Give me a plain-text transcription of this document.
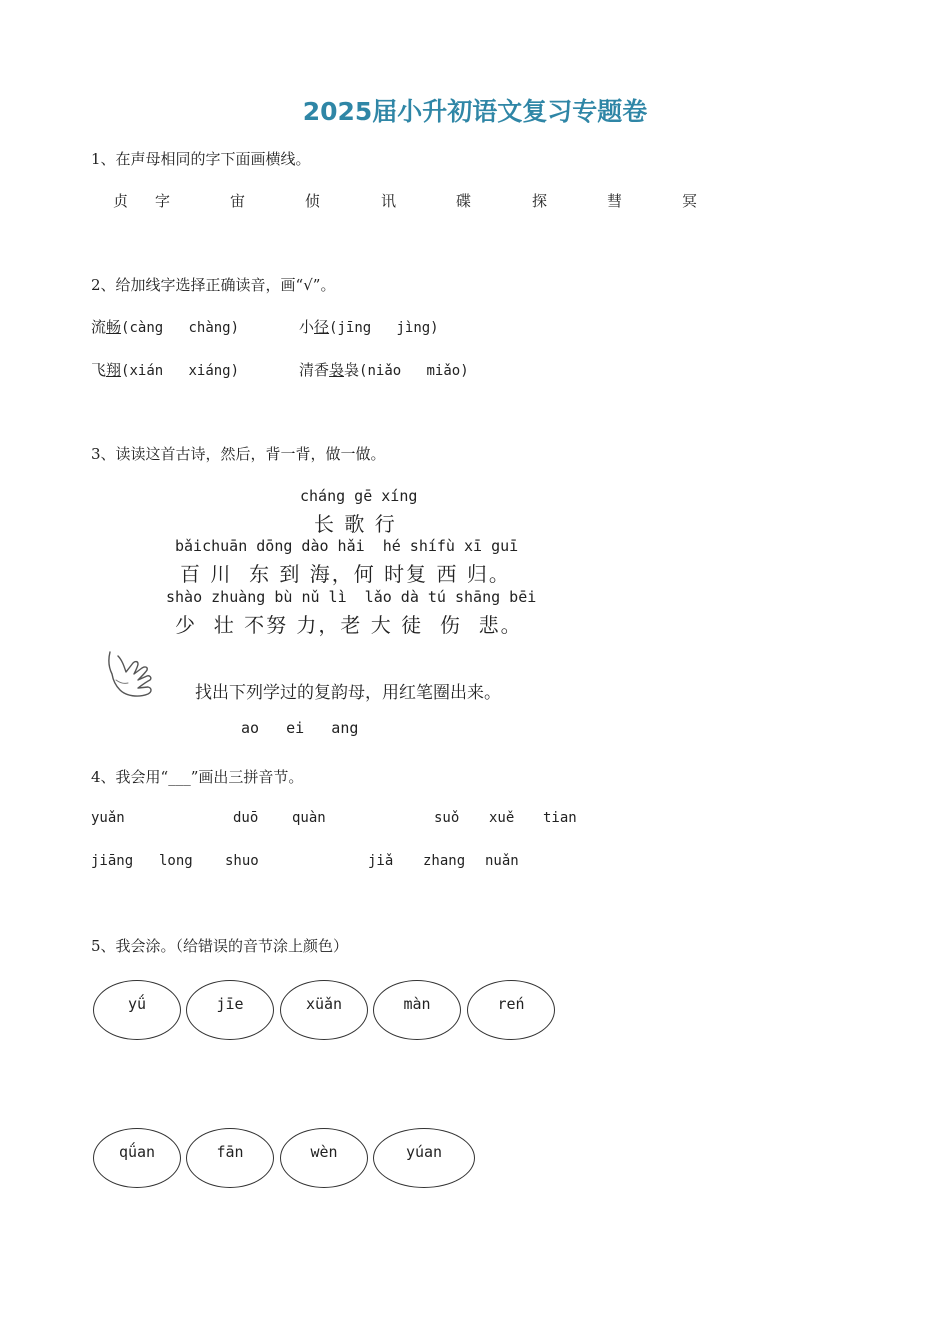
2025届小升初语文复习专题卷
1、在声母相同的字下面画横线。
贞 字	宙	侦	讯	碟	探	彗	冥
2、给加线字选择正确读音，画“√”。
流畅(càng   chàng)	小径(jīng   jìng)
飞翔(xián   xiáng)	清香袅袅(niǎo   miǎo)
3、读读这首古诗，然后，背一背，做一做。
cháng gē xíng
长 歌 行
bǎichuān dōng dào hǎi  hé shífù xī guī
百 川  东 到 海，何 时复 西 归。
shào zhuàng bù nǔ lì  lǎo dà tú shāng bēi
少  壮 不努 力，老 大 徒  伤  悲。
找出下列学过的复韵母，用红笔圈出来。
ao   ei   ang
4、我会用“___”画出三拼音节。
yuǎn	duō quàn	suǒ xuě tian
jiāng long shuo	jiǎ zhang nuǎn
5、我会涂。（给错误的音节涂上颜色）
yǘ	jīe	xüǎn	màn	reń
qǘan	fān	wèn	yúan
